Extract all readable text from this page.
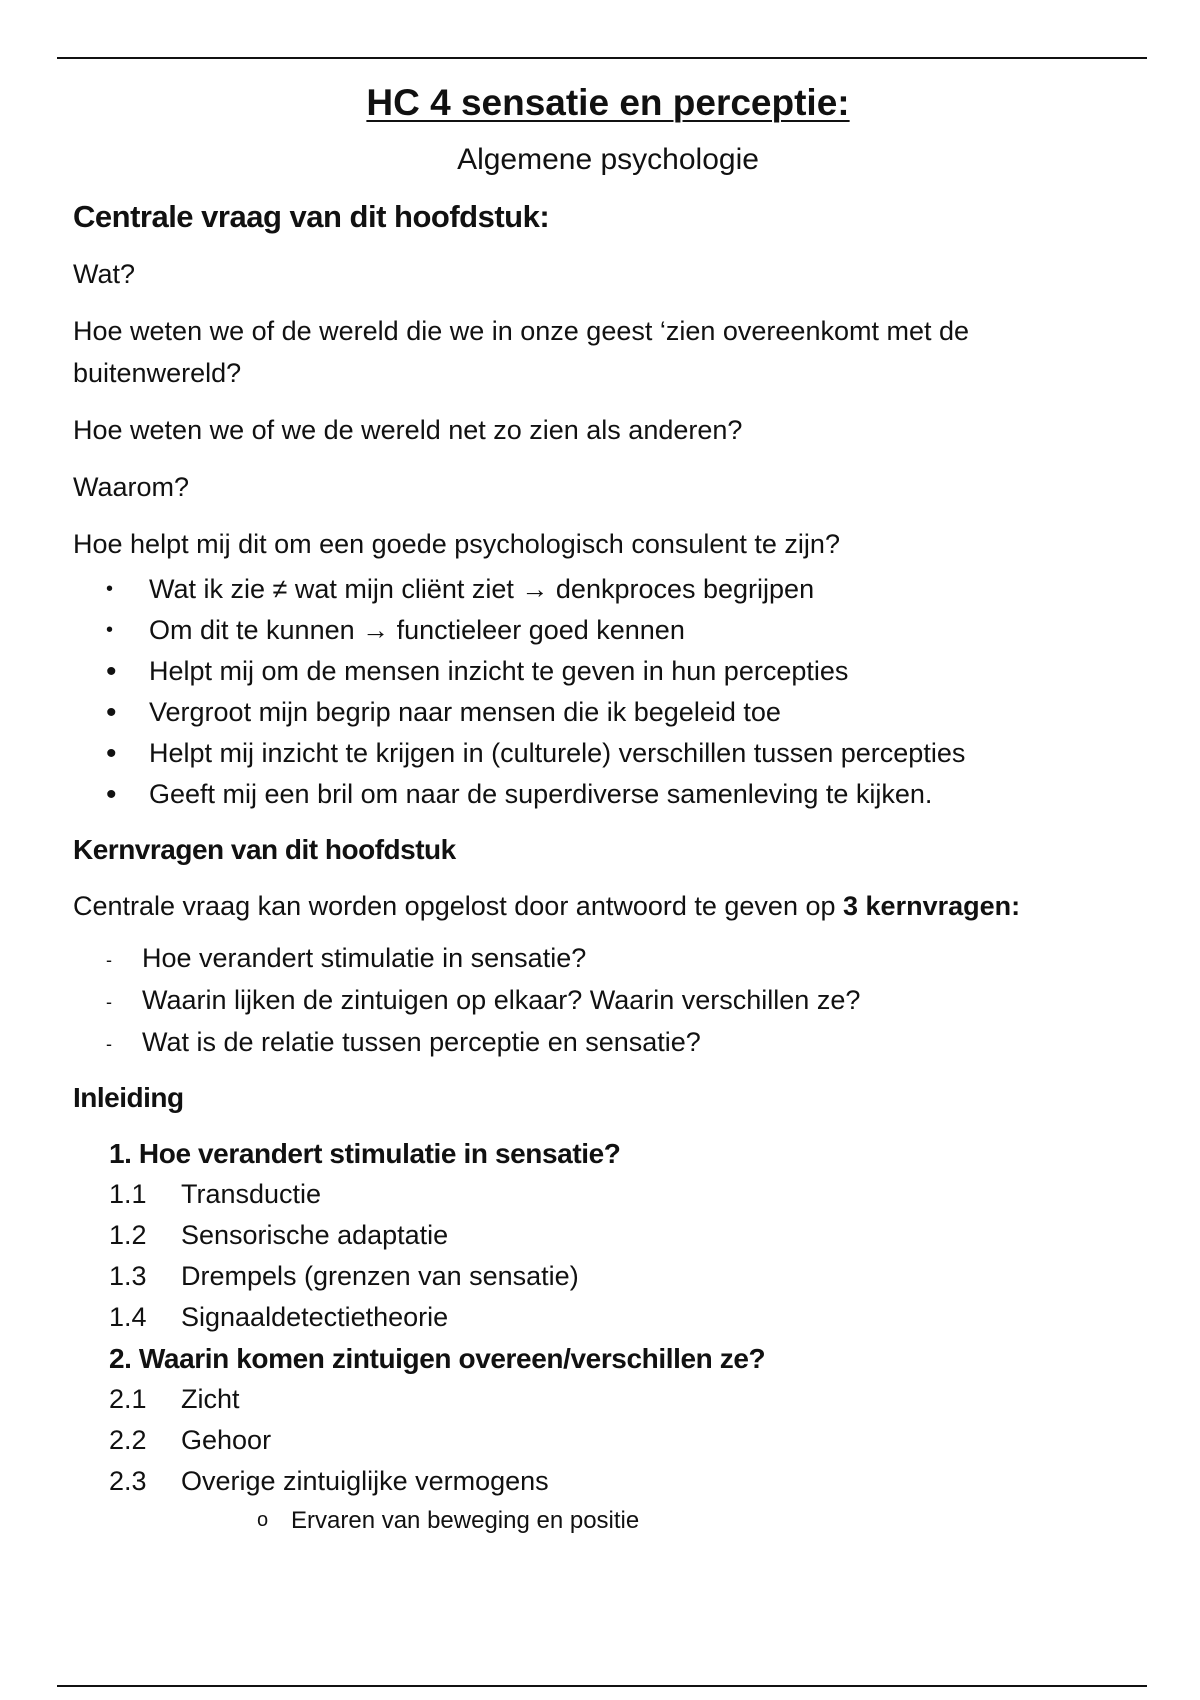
HC 4 sensatie en perceptie:
Algemene psychologie
Centrale vraag van dit hoofdstuk:

Wat?

Hoe weten we of de wereld die we in onze geest ‘zien overeenkomt met de buitenwereld?

Hoe weten we of we de wereld net zo zien als anderen?

Waarom?

Hoe helpt mij dit om een goede psychologisch consulent te zijn?

• Wat ik zie ≠ wat mijn cliënt ziet → denkproces begrijpen
• Om dit te kunnen → functieleer goed kennen
• Helpt mij om de mensen inzicht te geven in hun percepties
• Vergroot mijn begrip naar mensen die ik begeleid toe
• Helpt mij inzicht te krijgen in (culturele) verschillen tussen percepties
• Geeft mij een bril om naar de superdiverse samenleving te kijken.
Kernvragen van dit hoofdstuk

Centrale vraag kan worden opgelost door antwoord te geven op 3 kernvragen:

- Hoe verandert stimulatie in sensatie?
- Waarin lijken de zintuigen op elkaar? Waarin verschillen ze?
- Wat is de relatie tussen perceptie en sensatie?
Inleiding
1. Hoe verandert stimulatie in sensatie?
1.1	Transductie
1.2	Sensorische adaptatie
1.3	Drempels (grenzen van sensatie)
1.4	Signaaldetectietheorie
2. Waarin komen zintuigen overeen/verschillen ze?
2.1	Zicht
2.2	Gehoor
2.3	Overige zintuiglijke vermogens
o Ervaren van beweging en positie
